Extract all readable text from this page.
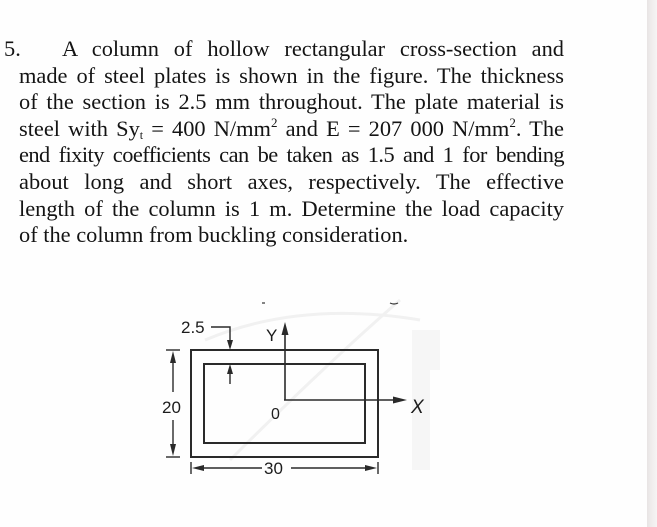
5. A column of hollow rectangular cross-section and
made of steel plates is shown in the figure. The thickness
of the section is 2.5 mm throughout. The plate material is
steel with $Sy_t = 400$ $N/mm^2$ and E = 207 000 $N/mm^2$. The
end fixity coefficients can be taken as 1.5 and 1 for bending
about long and short axes, respectively. The effective
length of the column is 1 m. Determine the load capacity
of the column from buckling consideration.
Y
X
0
2.5
20
30
